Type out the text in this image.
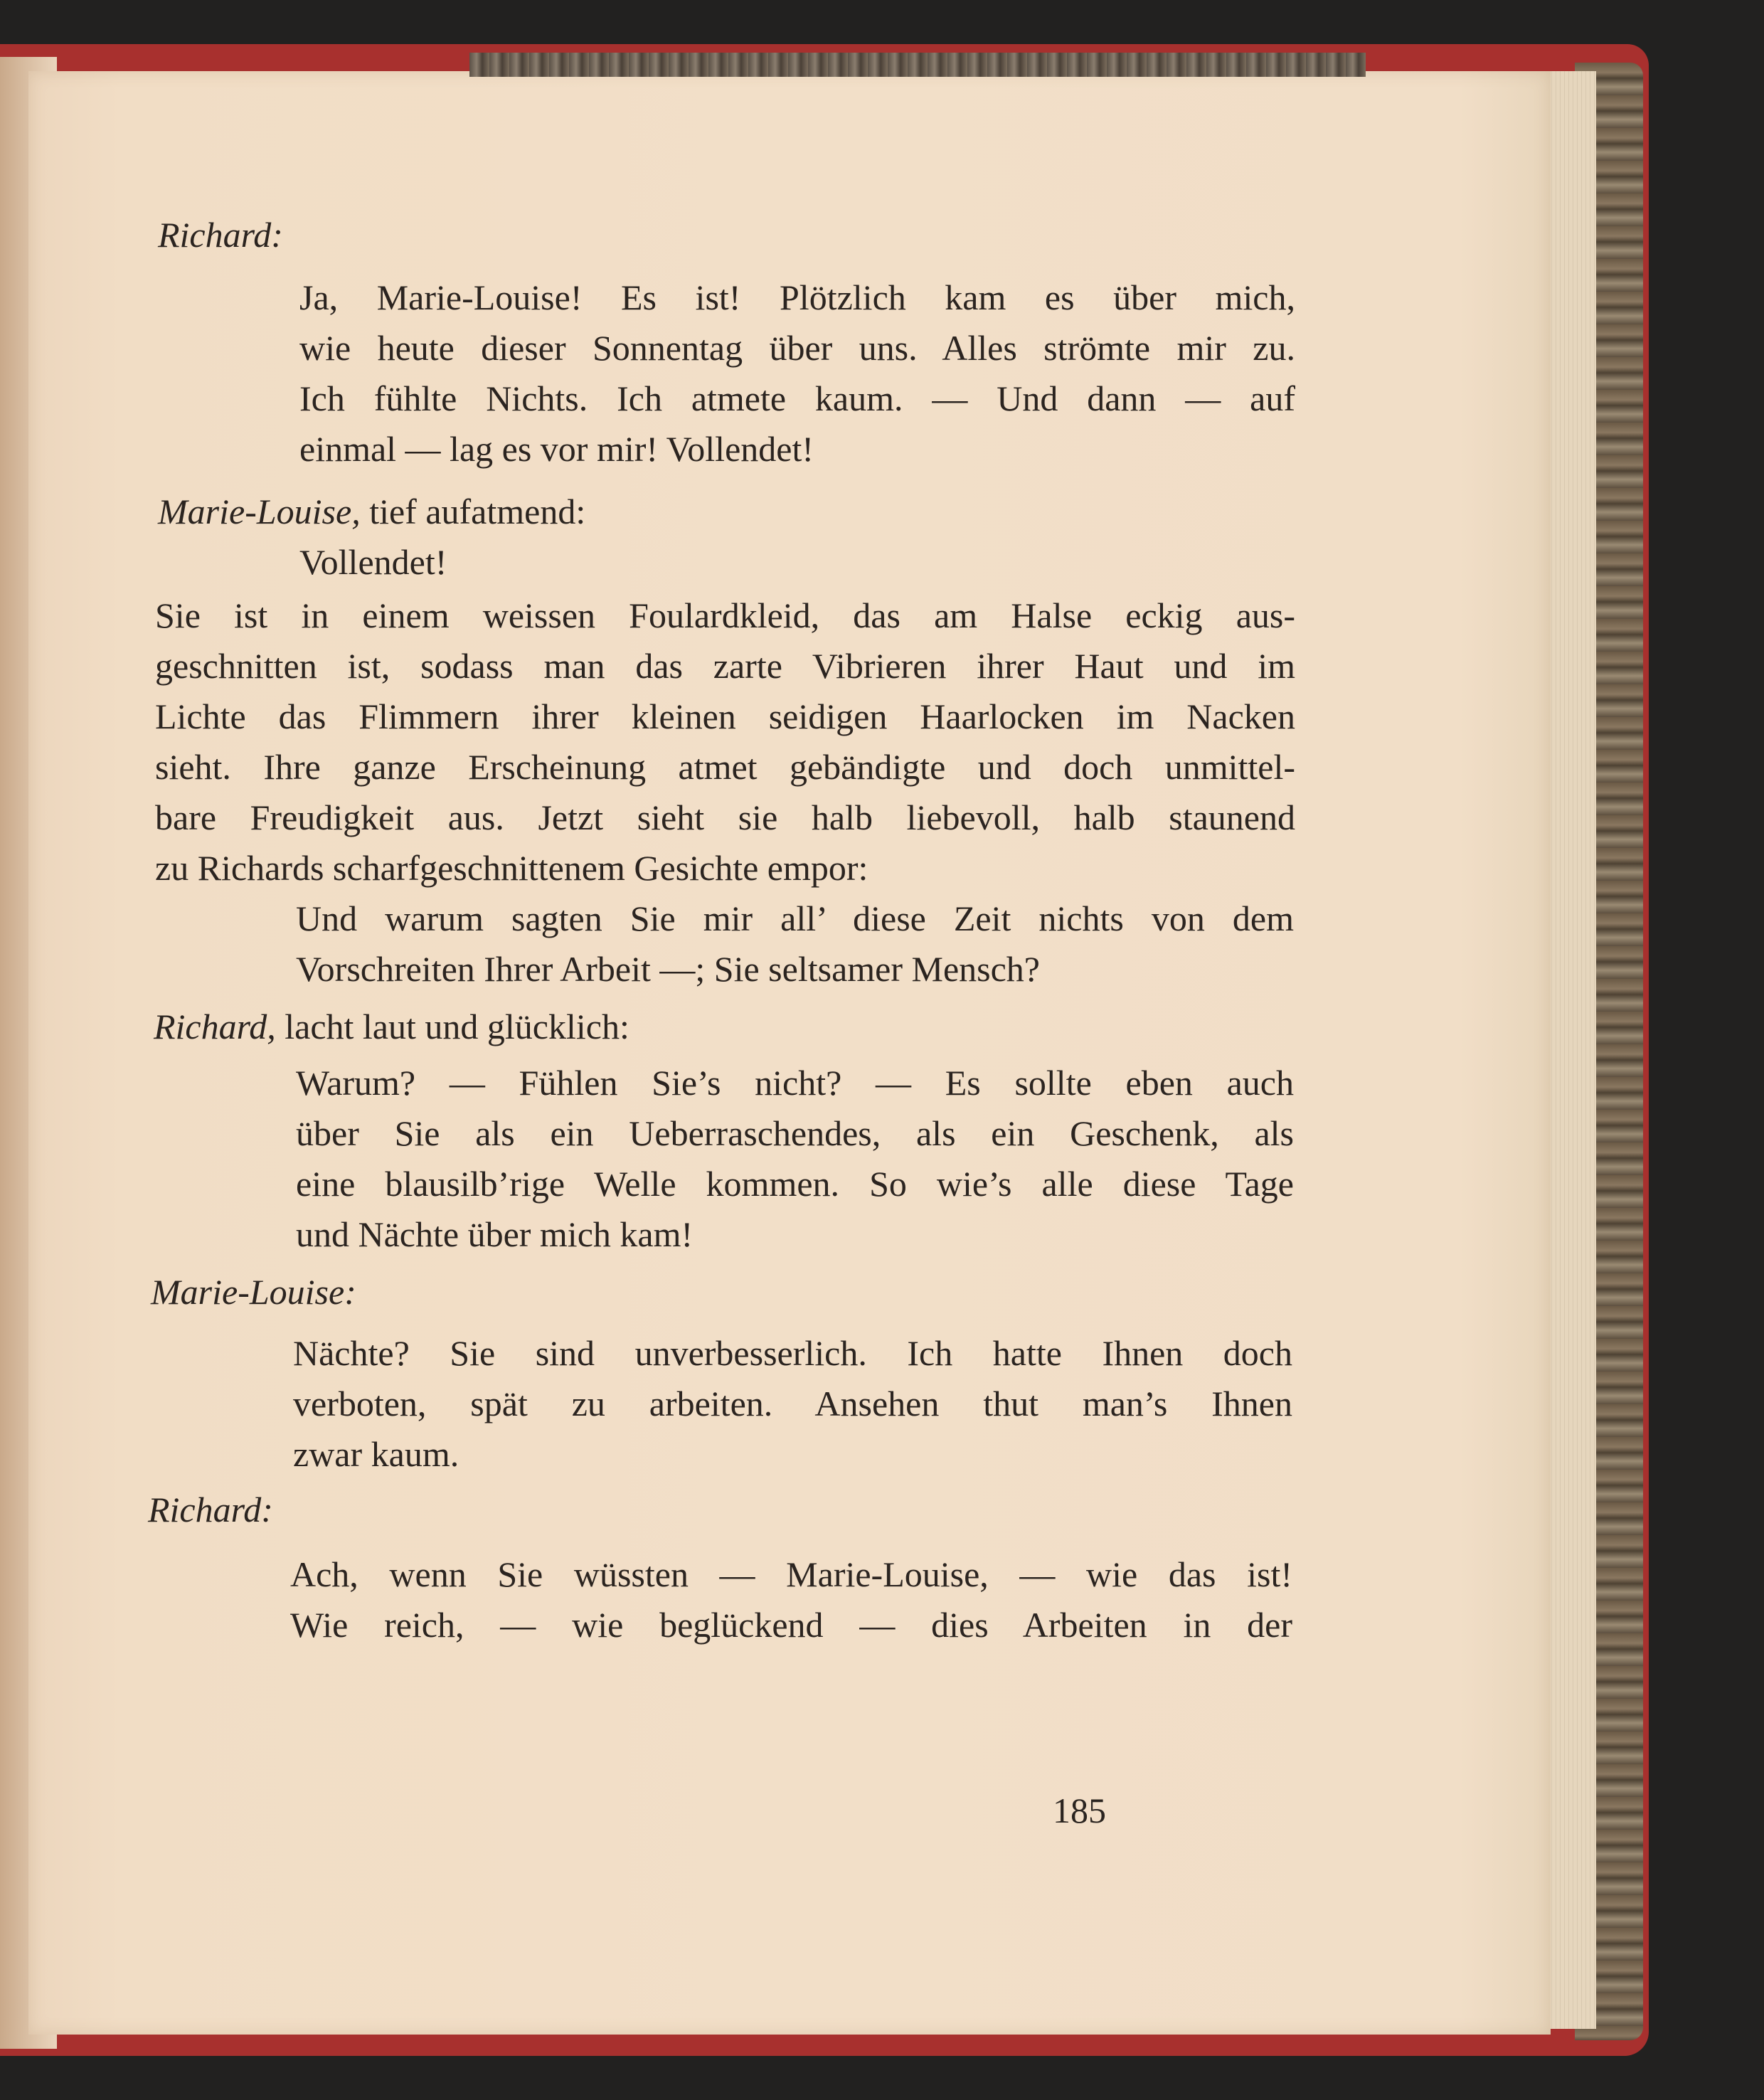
Richard:
Ja, Marie-Louise! Es ist! Plötzlich kam es über mich,
wie heute dieser Sonnentag über uns. Alles strömte mir zu.
Ich fühlte Nichts. Ich atmete kaum. — Und dann — auf
einmal — lag es vor mir! Vollendet!
Marie-Louise, tief aufatmend:
Vollendet!
Sie ist in einem weissen Foulardkleid, das am Halse eckig aus-
geschnitten ist, sodass man das zarte Vibrieren ihrer Haut und im
Lichte das Flimmern ihrer kleinen seidigen Haarlocken im Nacken
sieht. Ihre ganze Erscheinung atmet gebändigte und doch unmittel-
bare Freudigkeit aus. Jetzt sieht sie halb liebevoll, halb staunend
zu Richards scharfgeschnittenem Gesichte empor:
Und warum sagten Sie mir all’ diese Zeit nichts von dem
Vorschreiten Ihrer Arbeit —; Sie seltsamer Mensch?
Richard, lacht laut und glücklich:
Warum? — Fühlen Sie’s nicht? — Es sollte eben auch
über Sie als ein Ueberraschendes, als ein Geschenk, als
eine blausilb’rige Welle kommen. So wie’s alle diese Tage
und Nächte über mich kam!
Marie-Louise:
Nächte? Sie sind unverbesserlich. Ich hatte Ihnen doch
verboten, spät zu arbeiten. Ansehen thut man’s Ihnen
zwar kaum.
Richard:
Ach, wenn Sie wüssten — Marie-Louise, — wie das ist!
Wie reich, — wie beglückend — dies Arbeiten in der
185
